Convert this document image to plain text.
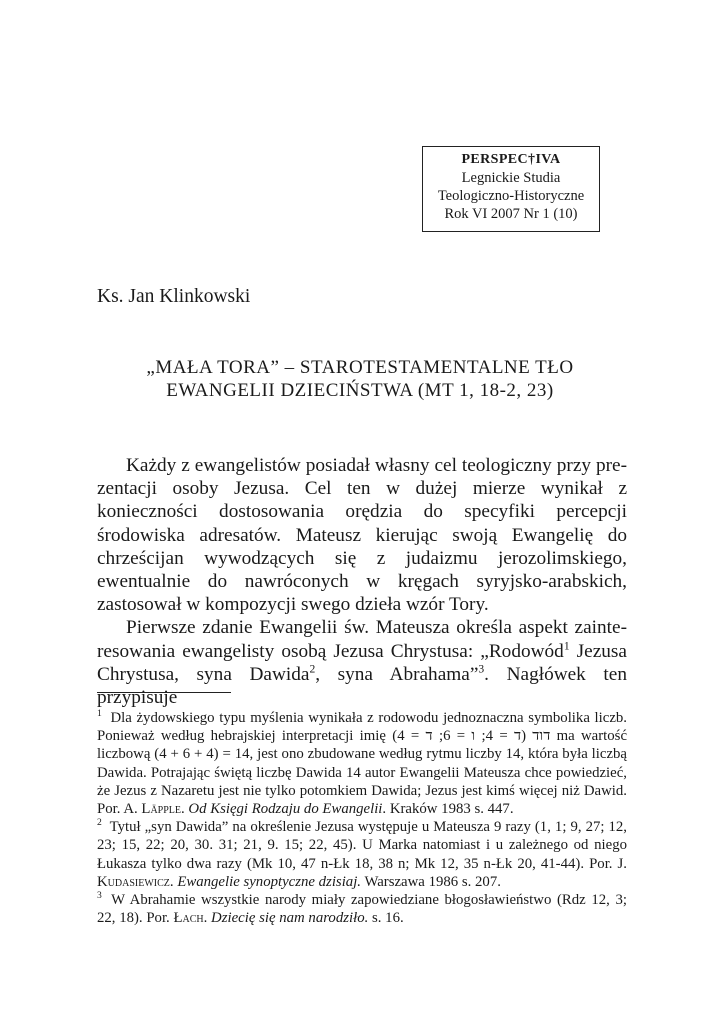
PERSPEC†IVA
Legnickie Studia
Teologiczno-Historyczne
Rok VI 2007 Nr 1 (10)
Ks. Jan Klinkowski
„MAŁA TORA” – STAROTESTAMENTALNE TŁO
EWANGELII DZIECIŃSTWA (MT 1, 18-2, 23)

Każdy z ewangelistów posiadał własny cel teologiczny przy prezentacji osoby Jezusa. Cel ten w dużej mierze wynikał z konieczności dostosowania orędzia do specyfiki percepcji środowiska adresatów. Mateusz kierując swoją Ewangelię do chrześcijan wywodzących się z judaizmu jerozolimskiego, ewentualnie do nawróconych w kręgach syryjsko-arabskich, zastosował w kompozycji swego dzieła wzór Tory.

Pierwsze zdanie Ewangelii św. Mateusza określa aspekt zainteresowania ewangelisty osobą Jezusa Chrystusa: „Rodowód$^1$ Jezusa Chrystusa, syna Dawida$^2$, syna Abrahama”$^3$. Nagłówek ten przypisuje

$^1$ Dla żydowskiego typu myślenia wynikała z rodowodu jednoznaczna symbolika liczb. Ponieważ według hebrajskiej interpretacji imię דוד (ד = 4; ו = 6; ד = 4) ma wartość liczbową (4 + 6 + 4) = 14, jest ono zbudowane według rytmu liczby 14, która była liczbą Dawida. Potrajając świętą liczbę Dawida 14 autor Ewangelii Mateusza chce powiedzieć, że Jezus z Nazaretu jest nie tylko potomkiem Dawida; Jezus jest kimś więcej niż Dawid. Por. A. Läpple. Od Księgi Rodzaju do Ewangelii. Kraków 1983 s. 447.

$^2$ Tytuł „syn Dawida” na określenie Jezusa występuje u Mateusza 9 razy (1, 1; 9, 27; 12, 23; 15, 22; 20, 30. 31; 21, 9. 15; 22, 45). U Marka natomiast i u zależnego od niego Łukasza tylko dwa razy (Mk 10, 47 n-Łk 18, 38 n; Mk 12, 35 n-Łk 20, 41-44). Por. J. Kudasiewicz. Ewangelie synoptyczne dzisiaj. Warszawa 1986 s. 207.

$^3$ W Abrahamie wszystkie narody miały zapowiedziane błogosławieństwo (Rdz 12, 3; 22, 18). Por. Łach. Dziecię się nam narodziło. s. 16.
